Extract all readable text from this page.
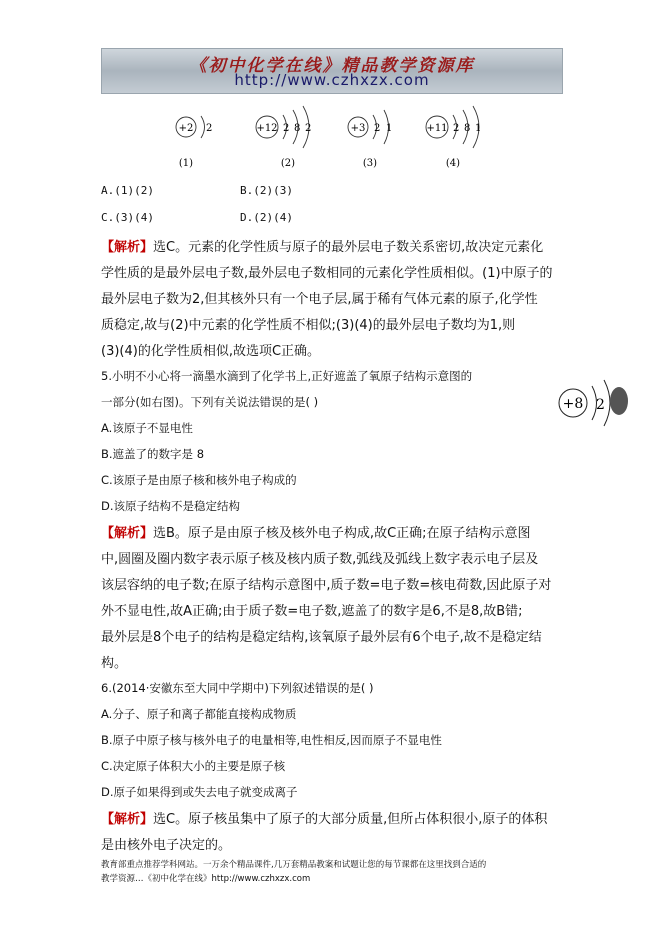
《初中化学在线》精品教学资源库
http://www.czhxzx.com
+2 2
(1)
+12 2 8 2
(2)
+3 2 1
(3)
+11 2 8 1
(4)
A.(1)(2)	B.(2)(3)
C.(3)(4)	D.(2)(4)
【解析】选C。元素的化学性质与原子的最外层电子数关系密切,故决定元素化
学性质的是最外层电子数,最外层电子数相同的元素化学性质相似。(1)中原子的
最外层电子数为2,但其核外只有一个电子层,属于稀有气体元素的原子,化学性
质稳定,故与(2)中元素的化学性质不相似;(3)(4)的最外层电子数均为1,则
(3)(4)的化学性质相似,故选项C正确。
5.小明不小心将一滴墨水滴到了化学书上,正好遮盖了氧原子结构示意图的
一部分(如右图)。下列有关说法错误的是( )	+8 2
A.该原子不显电性
B.遮盖了的数字是 8
C.该原子是由原子核和核外电子构成的
D.该原子结构不是稳定结构
【解析】选B。原子是由原子核及核外电子构成,故C正确;在原子结构示意图
中,圆圈及圈内数字表示原子核及核内质子数,弧线及弧线上数字表示电子层及
该层容纳的电子数;在原子结构示意图中,质子数=电子数=核电荷数,因此原子对
外不显电性,故A正确;由于质子数=电子数,遮盖了的数字是6,不是8,故B错;
最外层是8个电子的结构是稳定结构,该氧原子最外层有6个电子,故不是稳定结
构。
6.(2014·安徽东至大同中学期中)下列叙述错误的是( )
A.分子、原子和离子都能直接构成物质
B.原子中原子核与核外电子的电量相等,电性相反,因而原子不显电性
C.决定原子体积大小的主要是原子核
D.原子如果得到或失去电子就变成离子
【解析】选C。原子核虽集中了原子的大部分质量,但所占体积很小,原子的体积
是由核外电子决定的。
教育部重点推荐学科网站。一万余个精品课件,几万套精品教案和试题让您的每节课都在这里找到合适的
教学资源…《初中化学在线》http://www.czhxzx.com
